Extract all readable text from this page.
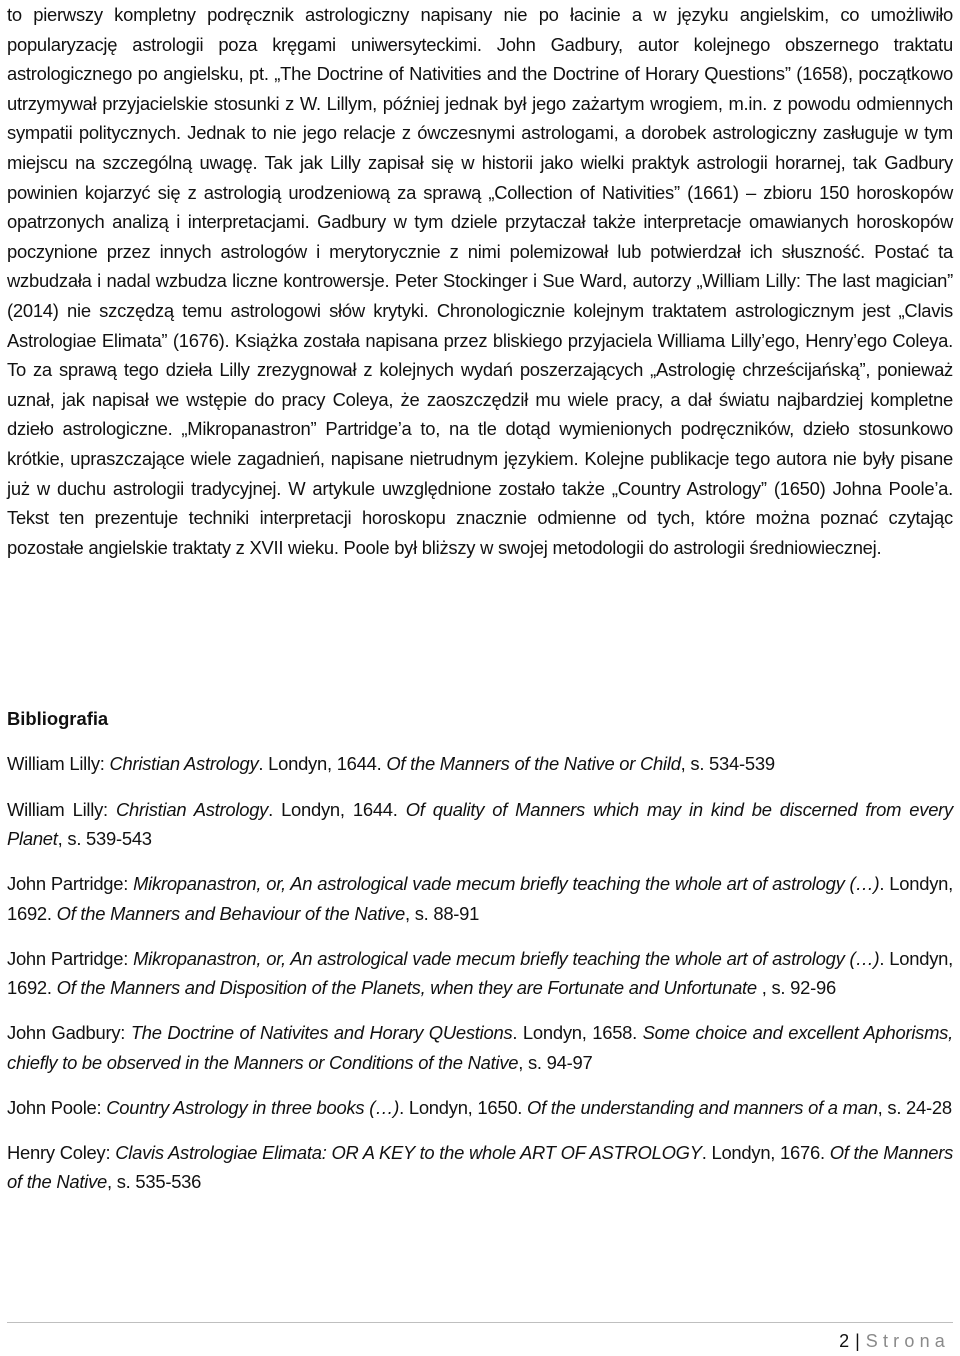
to pierwszy kompletny podręcznik astrologiczny napisany nie po łacinie a w języku angielskim, co umożliwiło popularyzację astrologii poza kręgami uniwersyteckimi. John Gadbury, autor kolejnego obszernego traktatu astrologicznego po angielsku, pt. „The Doctrine of Nativities and the Doctrine of Horary Questions” (1658), początkowo utrzymywał przyjacielskie stosunki z W. Lillym, później jednak był jego zażartym wrogiem, m.in. z powodu odmiennych sympatii politycznych. Jednak to nie jego relacje z ówczesnymi astrologami, a dorobek astrologiczny zasługuje w tym miejscu na szczególną uwagę. Tak jak Lilly zapisał się w historii jako wielki praktyk astrologii horarnej, tak Gadbury powinien kojarzyć się z astrologią urodzeniową za sprawą „Collection of Nativities” (1661) – zbioru 150 horoskopów opatrzonych analizą i interpretacjami. Gadbury w tym dziele przytaczał także interpretacje omawianych horoskopów poczynione przez innych astrologów i merytorycznie z nimi polemizował lub potwierdzał ich słuszność. Postać ta wzbudzała i nadal wzbudza liczne kontrowersje. Peter Stockinger i Sue Ward, autorzy „William Lilly: The last magician” (2014) nie szczędzą temu astrologowi słów krytyki. Chronologicznie kolejnym traktatem astrologicznym jest „Clavis Astrologiae Elimata” (1676). Książka została napisana przez bliskiego przyjaciela Williama Lilly’ego, Henry’ego Coleya. To za sprawą tego dzieła Lilly zrezygnował z kolejnych wydań poszerzających „Astrologię chrześcijańską”, ponieważ uznał, jak napisał we wstępie do pracy Coleya, że zaoszczędził mu wiele pracy, a dał światu najbardziej kompletne dzieło astrologiczne. „Mikropanastron” Partridge’a to, na tle dotąd wymienionych podręczników, dzieło stosunkowo krótkie, upraszczające wiele zagadnień, napisane nietrudnym językiem. Kolejne publikacje tego autora nie były pisane już w duchu astrologii tradycyjnej. W artykule uwzględnione zostało także „Country Astrology” (1650) Johna Poole’a. Tekst ten prezentuje techniki interpretacji horoskopu znacznie odmienne od tych, które można poznać czytając pozostałe angielskie traktaty z XVII wieku. Poole był bliższy w swojej metodologii do astrologii średniowiecznej.

Bibliografia
William Lilly: Christian Astrology. Londyn, 1644. Of the Manners of the Native or Child, s. 534-539
William Lilly: Christian Astrology. Londyn, 1644. Of quality of Manners which may in kind be discerned from every Planet, s. 539-543
John Partridge: Mikropanastron, or, An astrological vade mecum briefly teaching the whole art of astrology (…). Londyn, 1692. Of the Manners and Behaviour of the Native, s. 88-91
John Partridge: Mikropanastron, or, An astrological vade mecum briefly teaching the whole art of astrology (…). Londyn, 1692. Of the Manners and Disposition of the Planets, when they are Fortunate and Unfortunate , s. 92-96
John Gadbury: The Doctrine of Nativites and Horary QUestions. Londyn, 1658. Some choice and excellent Aphorisms, chiefly to be observed in the Manners or Conditions of the Native, s. 94-97
John Poole: Country Astrology in three books (…). Londyn, 1650. Of the understanding and manners of a man, s. 24-28
Henry Coley: Clavis Astrologiae Elimata: OR A KEY to the whole ART OF ASTROLOGY. Londyn, 1676. Of the Manners of the Native, s. 535-536
2 | Strona
